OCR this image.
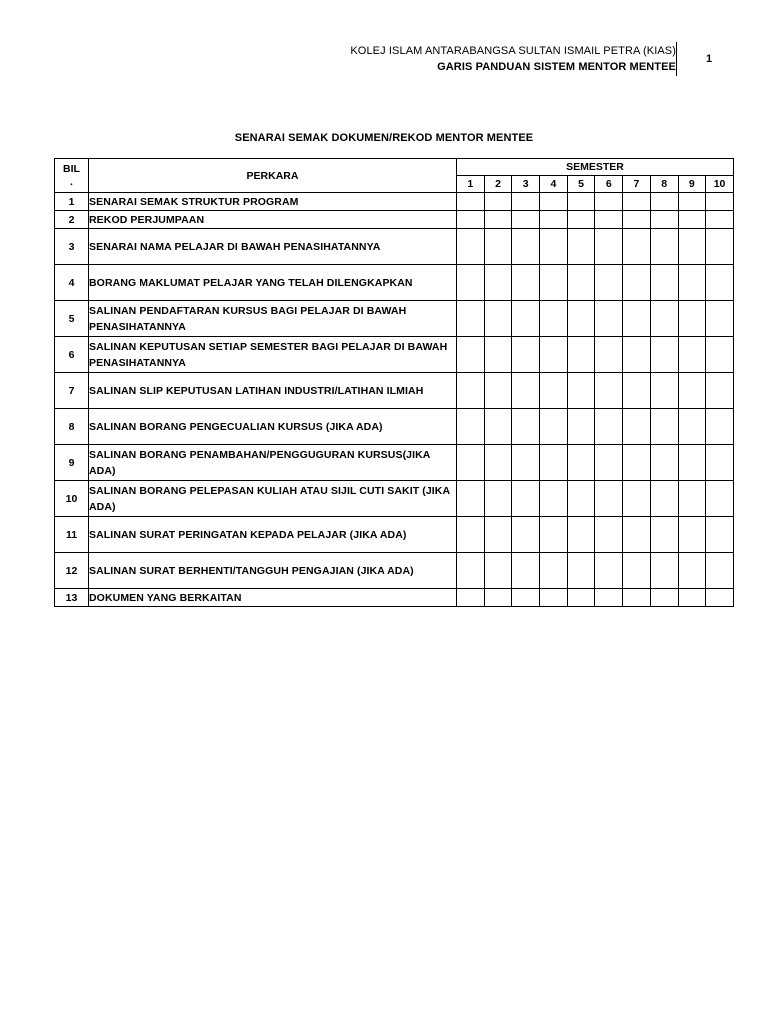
KOLEJ ISLAM ANTARABANGSA SULTAN ISMAIL PETRA (KIAS)
GARIS PANDUAN SISTEM MENTOR MENTEE
1
SENARAI SEMAK DOKUMEN/REKOD MENTOR MENTEE
BIL
.	PERKARA	SEMESTER									
		1	2	3	4	5	6	7	8	9	10
1	SENARAI SEMAK STRUKTUR PROGRAM										
2	REKOD PERJUMPAAN										
3	SENARAI NAMA PELAJAR DI BAWAH PENASIHATANNYA										
4	BORANG MAKLUMAT PELAJAR YANG TELAH DILENGKAPKAN										
5	SALINAN PENDAFTARAN KURSUS BAGI PELAJAR DI BAWAH PENASIHATANNYA										
6	SALINAN KEPUTUSAN SETIAP SEMESTER BAGI PELAJAR DI BAWAH PENASIHATANNYA										
7	SALINAN SLIP KEPUTUSAN LATIHAN INDUSTRI/LATIHAN ILMIAH										
8	SALINAN BORANG PENGECUALIAN KURSUS (JIKA ADA)										
9	SALINAN BORANG PENAMBAHAN/PENGGUGURAN KURSUS(JIKA ADA)										
10	SALINAN BORANG PELEPASAN KULIAH ATAU SIJIL CUTI SAKIT (JIKA ADA)										
11	SALINAN SURAT PERINGATAN KEPADA PELAJAR (JIKA ADA)										
12	SALINAN SURAT BERHENTI/TANGGUH PENGAJIAN (JIKA ADA)										
13	DOKUMEN YANG BERKAITAN										
